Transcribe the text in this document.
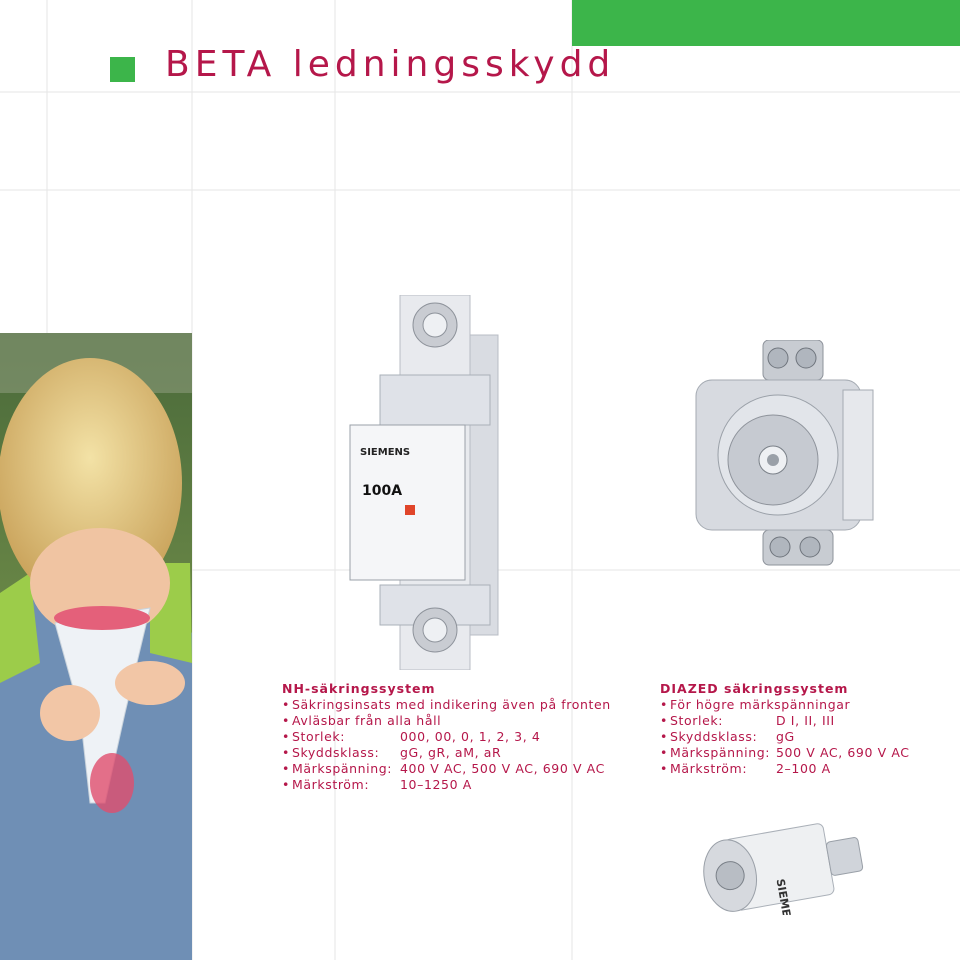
BETA ledningsskydd
SIEMENS
100A
SIEMENS
NH-säkringssystem
• Säkringsinsats med indikering även på fronten
• Avläsbar från alla håll
• Storlek:	000, 00, 0, 1, 2, 3, 4
• Skyddsklass: gG, gR, aM, aR
• Märkspänning: 400 V AC, 500 V AC, 690 V AC
• Märkström: 10–1250 A
DIAZED säkringssystem
• För högre märkspänningar
• Storlek:	D I, II, III
• Skyddsklass: gG
• Märkspänning: 500 V AC, 690 V AC
• Märkström: 2–100 A
